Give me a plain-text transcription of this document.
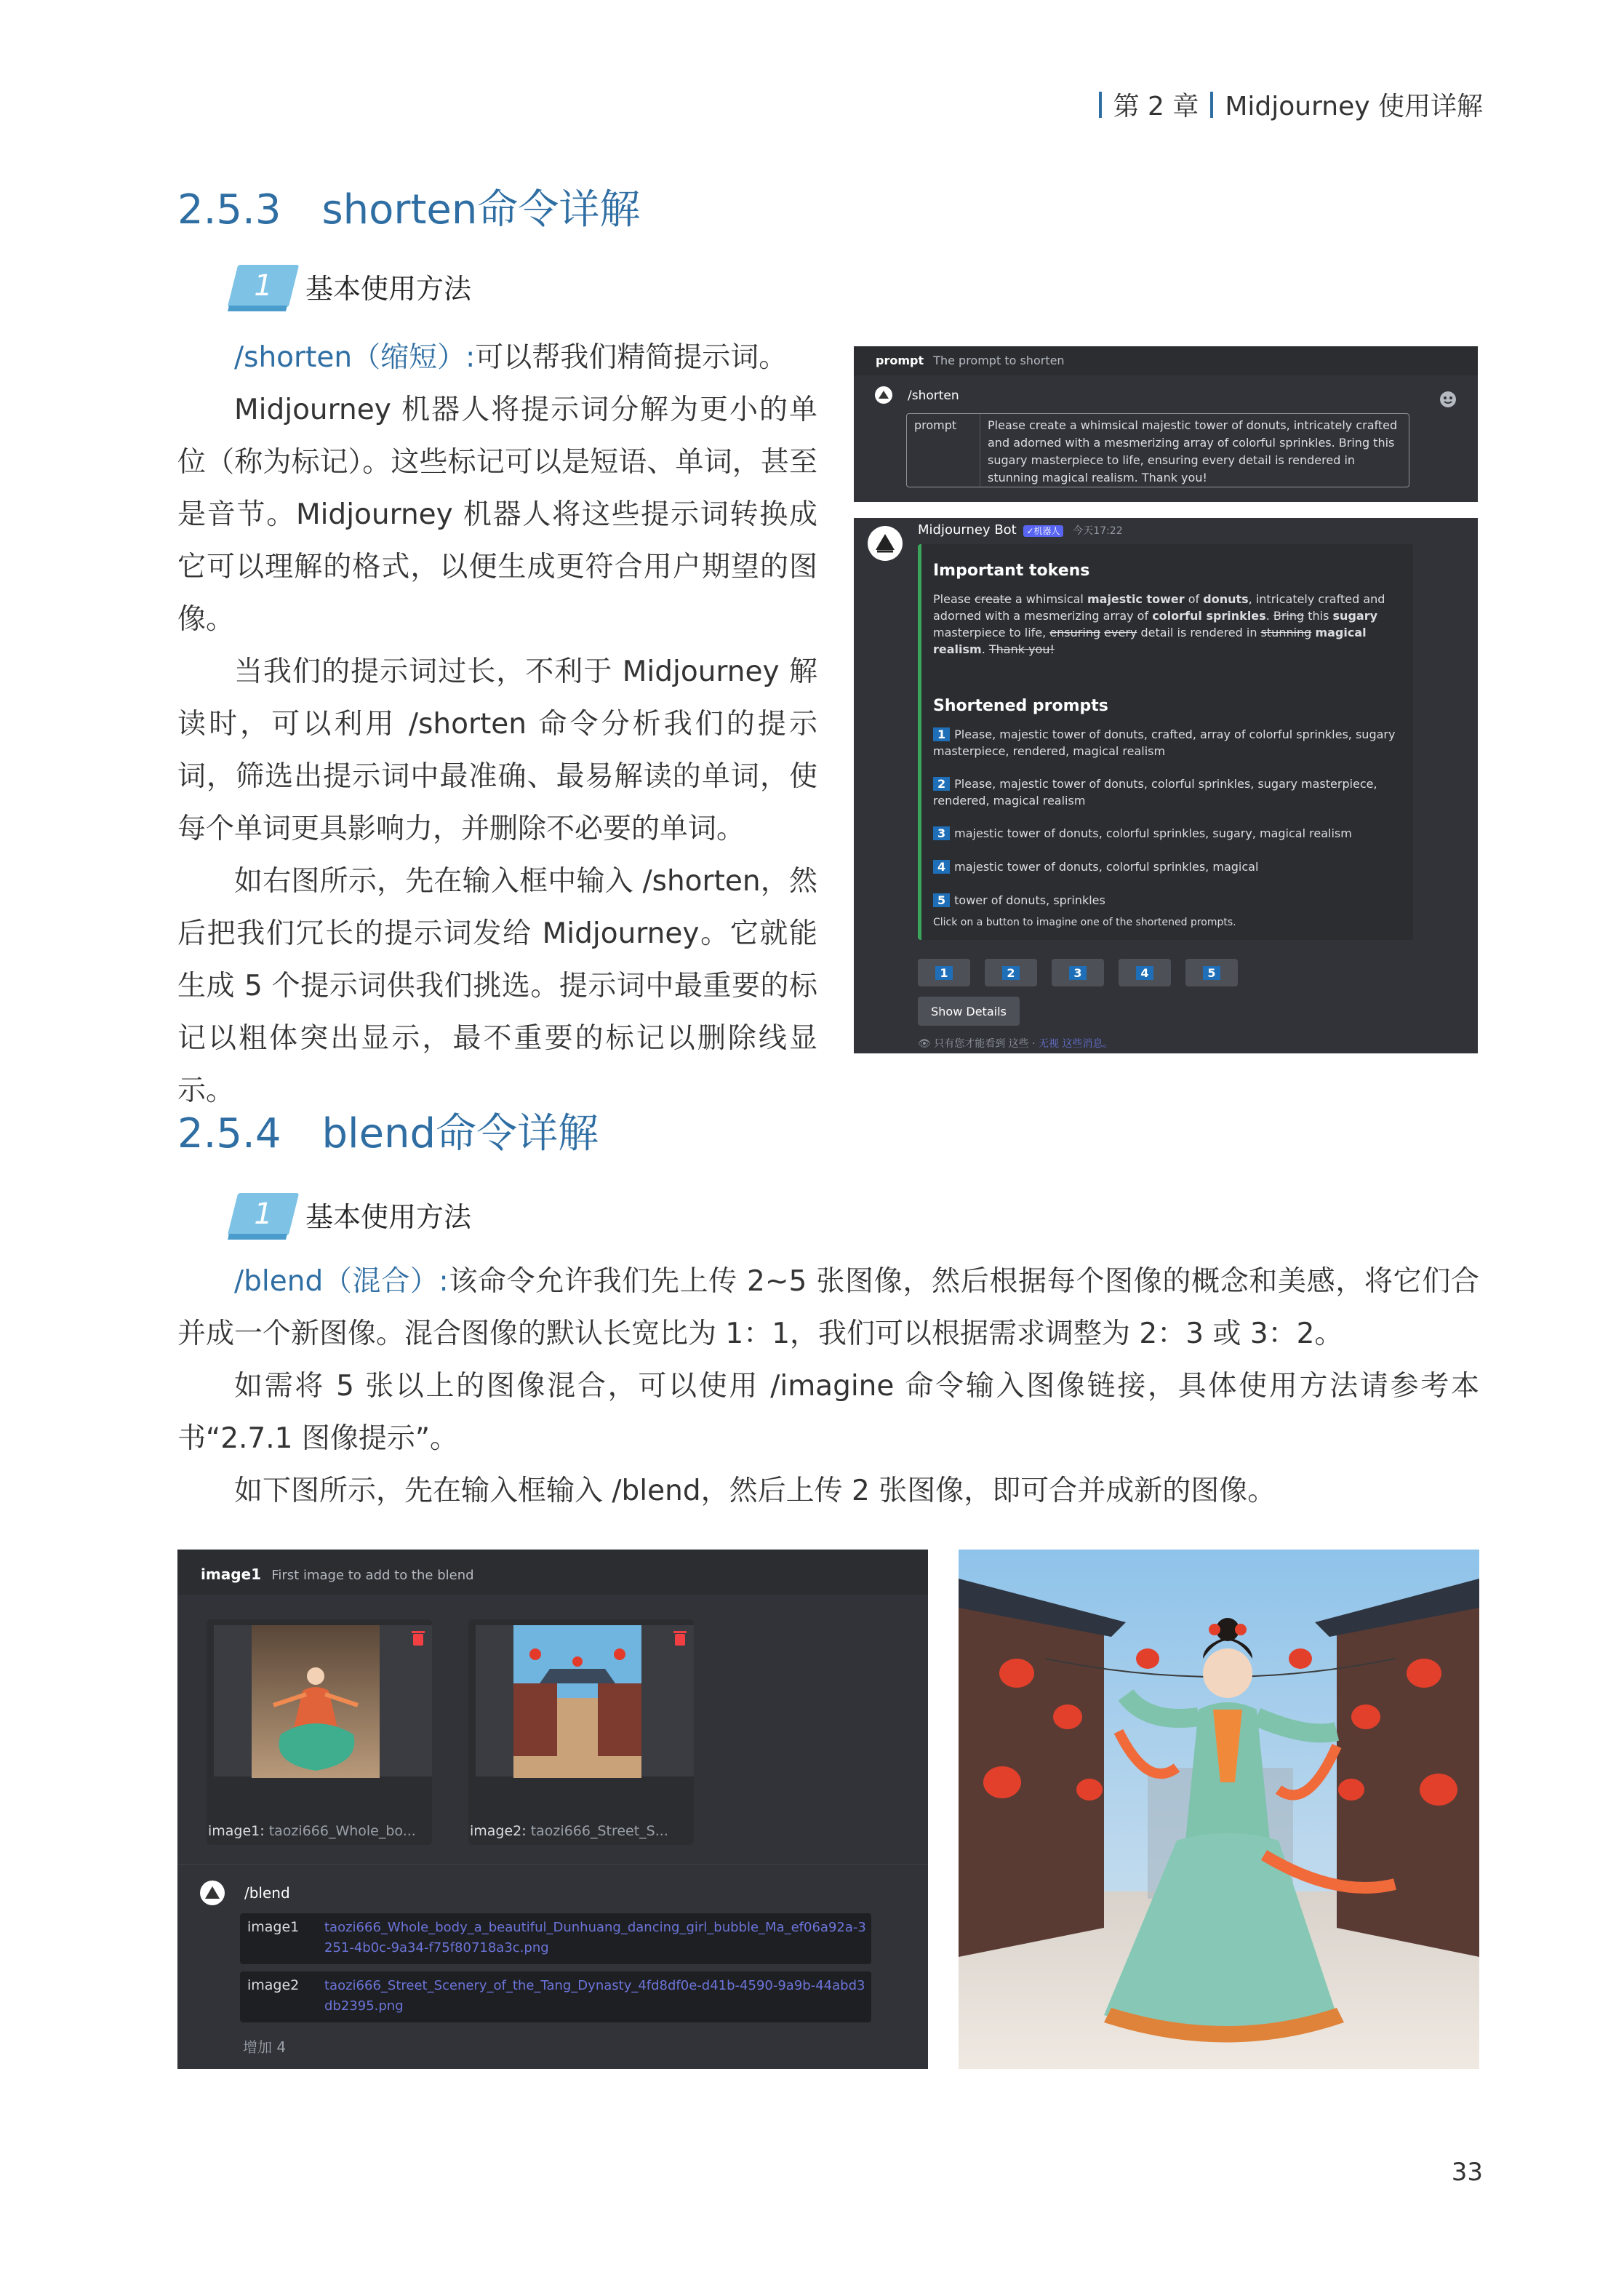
第 2 章 Midjourney 使用详解
2.5.3　shorten命令详解
1	基本使用方法

/shorten（缩短）:可以帮我们精简提示词。

Midjourney 机器人将提示词分解为更小的单位（称为标记）。这些标记可以是短语、单词，甚至是音节。Midjourney 机器人将这些提示词转换成它可以理解的格式，以便生成更符合用户期望的图像。

当我们的提示词过长，不利于 Midjourney 解读时，可以利用 /shorten 命令分析我们的提示词，筛选出提示词中最准确、最易解读的单词，使每个单词更具影响力，并删除不必要的单词。

如右图所示，先在输入框中输入 /shorten，然后把我们冗长的提示词发给 Midjourney。它就能生成 5 个提示词供我们挑选。提示词中最重要的标记以粗体突出显示，最不重要的标记以删除线显示。

prompt The prompt to shorten
/shorten
prompt	Please create a whimsical majestic tower of donuts, intricately crafted and adorned with a mesmerizing array of colorful sprinkles. Bring this sugary masterpiece to life, ensuring every detail is rendered in stunning magical realism. Thank you!
Midjourney Bot ✓机器人 今天17:22
Important tokens
Please create a whimsical majestic tower of donuts, intricately crafted and adorned with a mesmerizing array of colorful sprinkles. Bring this sugary masterpiece to life, ensuring every detail is rendered in stunning magical realism. Thank you!
Shortened prompts
1 Please, majestic tower of donuts, crafted, array of colorful sprinkles, sugary masterpiece, rendered, magical realism
2 Please, majestic tower of donuts, colorful sprinkles, sugary masterpiece, rendered, magical realism
3 majestic tower of donuts, colorful sprinkles, sugary, magical realism
4 majestic tower of donuts, colorful sprinkles, magical
5 tower of donuts, sprinkles
Click on a button to imagine one of the shortened prompts.
1	2	3	4	5
Show Details
👁 只有您才能看到 这些 · 无视 这些消息。
2.5.4　blend命令详解
1	基本使用方法

/blend（混合）:该命令允许我们先上传 2~5 张图像，然后根据每个图像的概念和美感，将它们合并成一个新图像。混合图像的默认长宽比为 1：1，我们可以根据需求调整为 2：3 或 3：2。

如需将 5 张以上的图像混合，可以使用 /imagine 命令输入图像链接，具体使用方法请参考本书“2.7.1 图像提示”。

如下图所示，先在输入框输入 /blend，然后上传 2 张图像，即可合并成新的图像。

image1 First image to add to the blend
image1: taozi666_Whole_bo...	image2: taozi666_Street_S...
/blend
image1	taozi666_Whole_body_a_beautiful_Dunhuang_dancing_girl_bubble_Ma_ef06a92a-3251-4b0c-9a34-f75f80718a3c.png
image2	taozi666_Street_Scenery_of_the_Tang_Dynasty_4fd8df0e-d41b-4590-9a9b-44abd3db2395.png
增加 4
33
